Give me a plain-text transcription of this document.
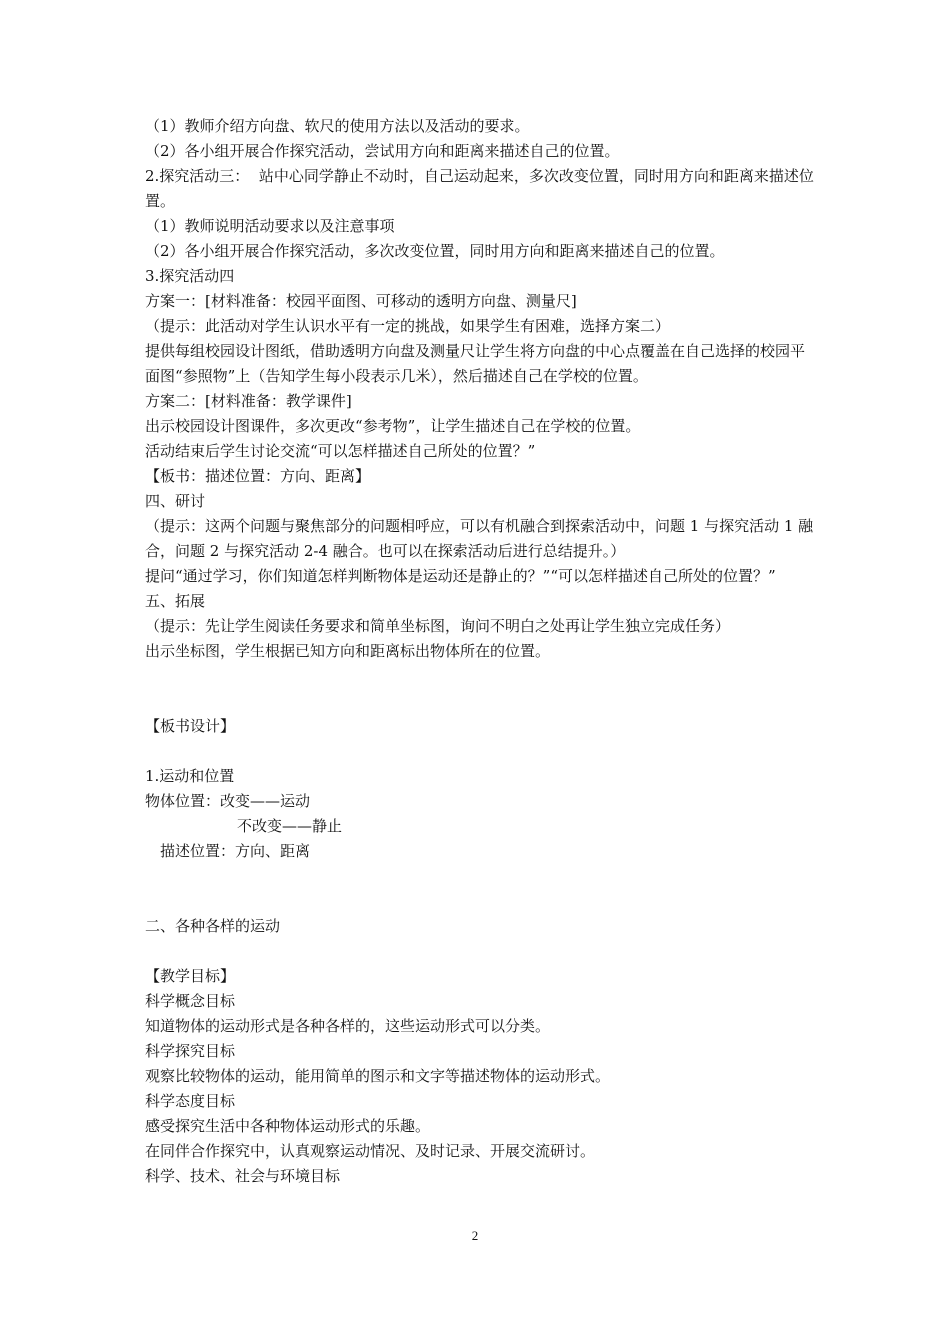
（1）教师介绍方向盘、软尺的使用方法以及活动的要求。
（2）各小组开展合作探究活动，尝试用方向和距离来描述自己的位置。
2.探究活动三：  站中心同学静止不动时，自己运动起来，多次改变位置，同时用方向和距离来描述位置。
（1）教师说明活动要求以及注意事项
（2）各小组开展合作探究活动，多次改变位置，同时用方向和距离来描述自己的位置。
3.探究活动四
方案一：[材料准备：校园平面图、可移动的透明方向盘、测量尺]
（提示：此活动对学生认识水平有一定的挑战，如果学生有困难，选择方案二）
提供每组校园设计图纸，借助透明方向盘及测量尺让学生将方向盘的中心点覆盖在自己选择的校园平面图“参照物”上（告知学生每小段表示几米），然后描述自己在学校的位置。
方案二：[材料准备：教学课件]
出示校园设计图课件，多次更改“参考物”，让学生描述自己在学校的位置。
活动结束后学生讨论交流“可以怎样描述自己所处的位置？”
【板书：描述位置：方向、距离】
四、研讨
（提示：这两个问题与聚焦部分的问题相呼应，可以有机融合到探索活动中，问题 1 与探究活动 1 融合，问题 2 与探究活动 2-4 融合。也可以在探索活动后进行总结提升。）
提问“通过学习，你们知道怎样判断物体是运动还是静止的？”“可以怎样描述自己所处的位置？”
五、拓展
（提示：先让学生阅读任务要求和简单坐标图，询问不明白之处再让学生独立完成任务）
出示坐标图，学生根据已知方向和距离标出物体所在的位置。
【板书设计】
1.运动和位置
物体位置：改变——运动
不改变——静止
描述位置：方向、距离
二、各种各样的运动
【教学目标】
科学概念目标
知道物体的运动形式是各种各样的，这些运动形式可以分类。
科学探究目标
观察比较物体的运动，能用简单的图示和文字等描述物体的运动形式。
科学态度目标
感受探究生活中各种物体运动形式的乐趣。
在同伴合作探究中，认真观察运动情况、及时记录、开展交流研讨。
科学、技术、社会与环境目标
2
